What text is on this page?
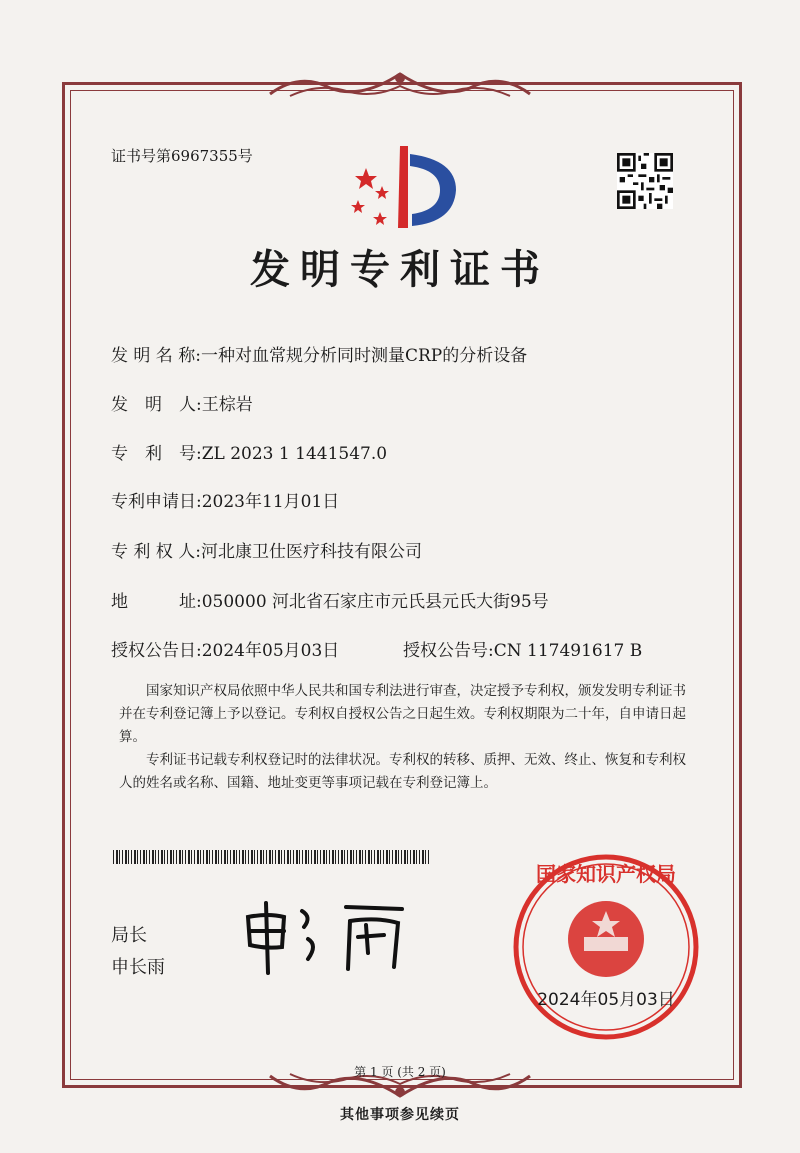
证书号第6967355号
发明专利证书
发 明 名 称:一种对血常规分析同时测量CRP的分析设备
发　明　人:王棕岩
专　利　号:ZL 2023 1 1441547.0
专利申请日:2023年11月01日
专 利 权 人:河北康卫仕医疗科技有限公司
地　　　址:050000 河北省石家庄市元氏县元氏大街95号
授权公告日:2024年05月03日	授权公告号:CN 117491617 B
国家知识产权局依照中华人民共和国专利法进行审查，决定授予专利权，颁发发明专利证书并在专利登记簿上予以登记。专利权自授权公告之日起生效。专利权期限为二十年，自申请日起算。
专利证书记载专利权登记时的法律状况。专利权的转移、质押、无效、终止、恢复和专利权人的姓名或名称、国籍、地址变更等事项记载在专利登记簿上。
局长
申长雨
国家知识产权局
2024年05月03日
第 1 页 (共 2 页)
其他事项参见续页
